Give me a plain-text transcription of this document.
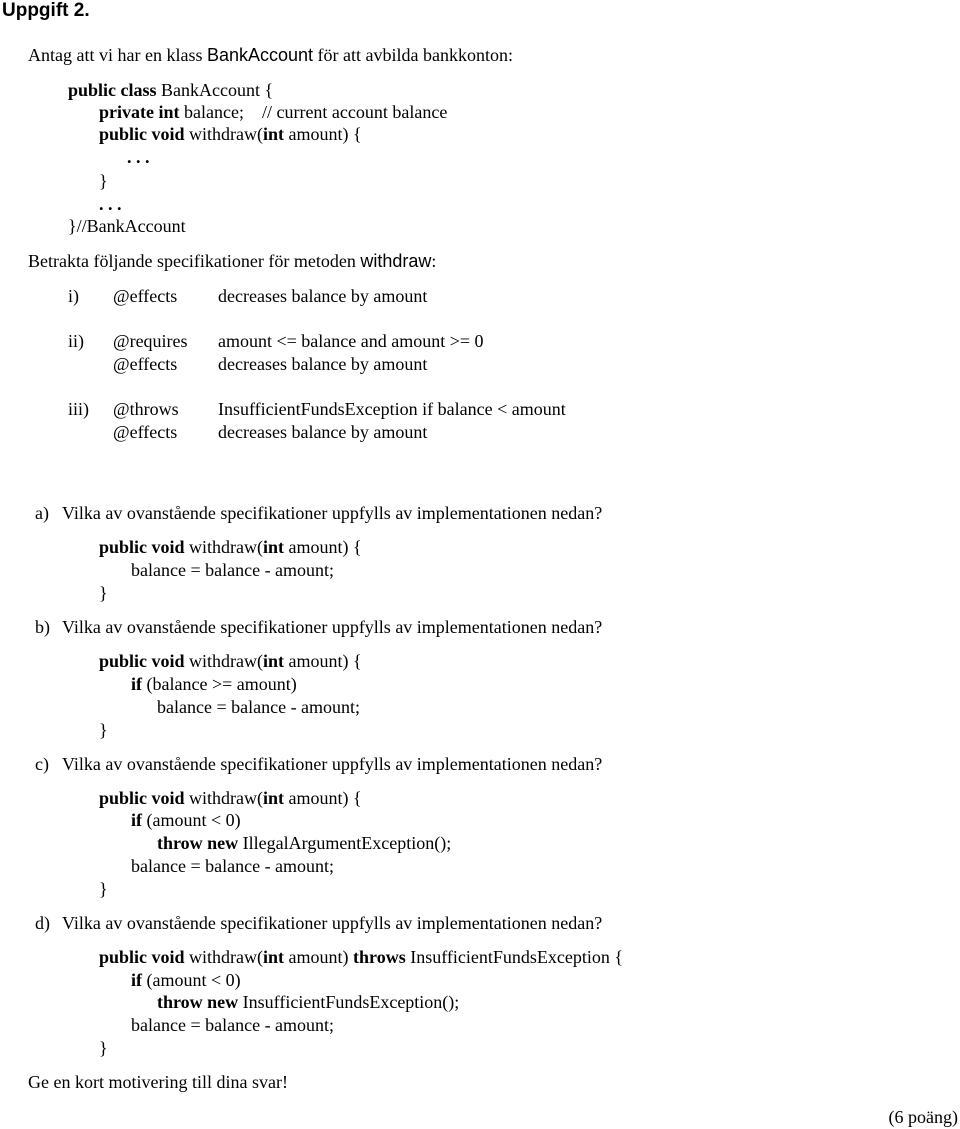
Uppgift 2.
Antag att vi har en klass BankAccount för att avbilda bankkonton:
public class BankAccount {
private int balance;    // current account balance
public void withdraw(int amount) {
. . .
}
. . .
}//BankAccount
Betrakta följande specifikationer för metoden withdraw:
i) @effects decreases balance by amount
ii) @requires amount <= balance and amount >= 0
@effects decreases balance by amount
iii) @throws InsufficientFundsException if balance < amount
@effects decreases balance by amount
a) Vilka av ovanstående specifikationer uppfylls av implementationen nedan?
public void withdraw(int amount) {
balance = balance - amount;
}
b) Vilka av ovanstående specifikationer uppfylls av implementationen nedan?
public void withdraw(int amount) {
if (balance >= amount)
balance = balance - amount;
}
c) Vilka av ovanstående specifikationer uppfylls av implementationen nedan?
public void withdraw(int amount) {
if (amount < 0)
throw new IllegalArgumentException();
balance = balance - amount;
}
d) Vilka av ovanstående specifikationer uppfylls av implementationen nedan?
public void withdraw(int amount) throws InsufficientFundsException {
if (amount < 0)
throw new InsufficientFundsException();
balance = balance - amount;
}
Ge en kort motivering till dina svar!
(6 poäng)
